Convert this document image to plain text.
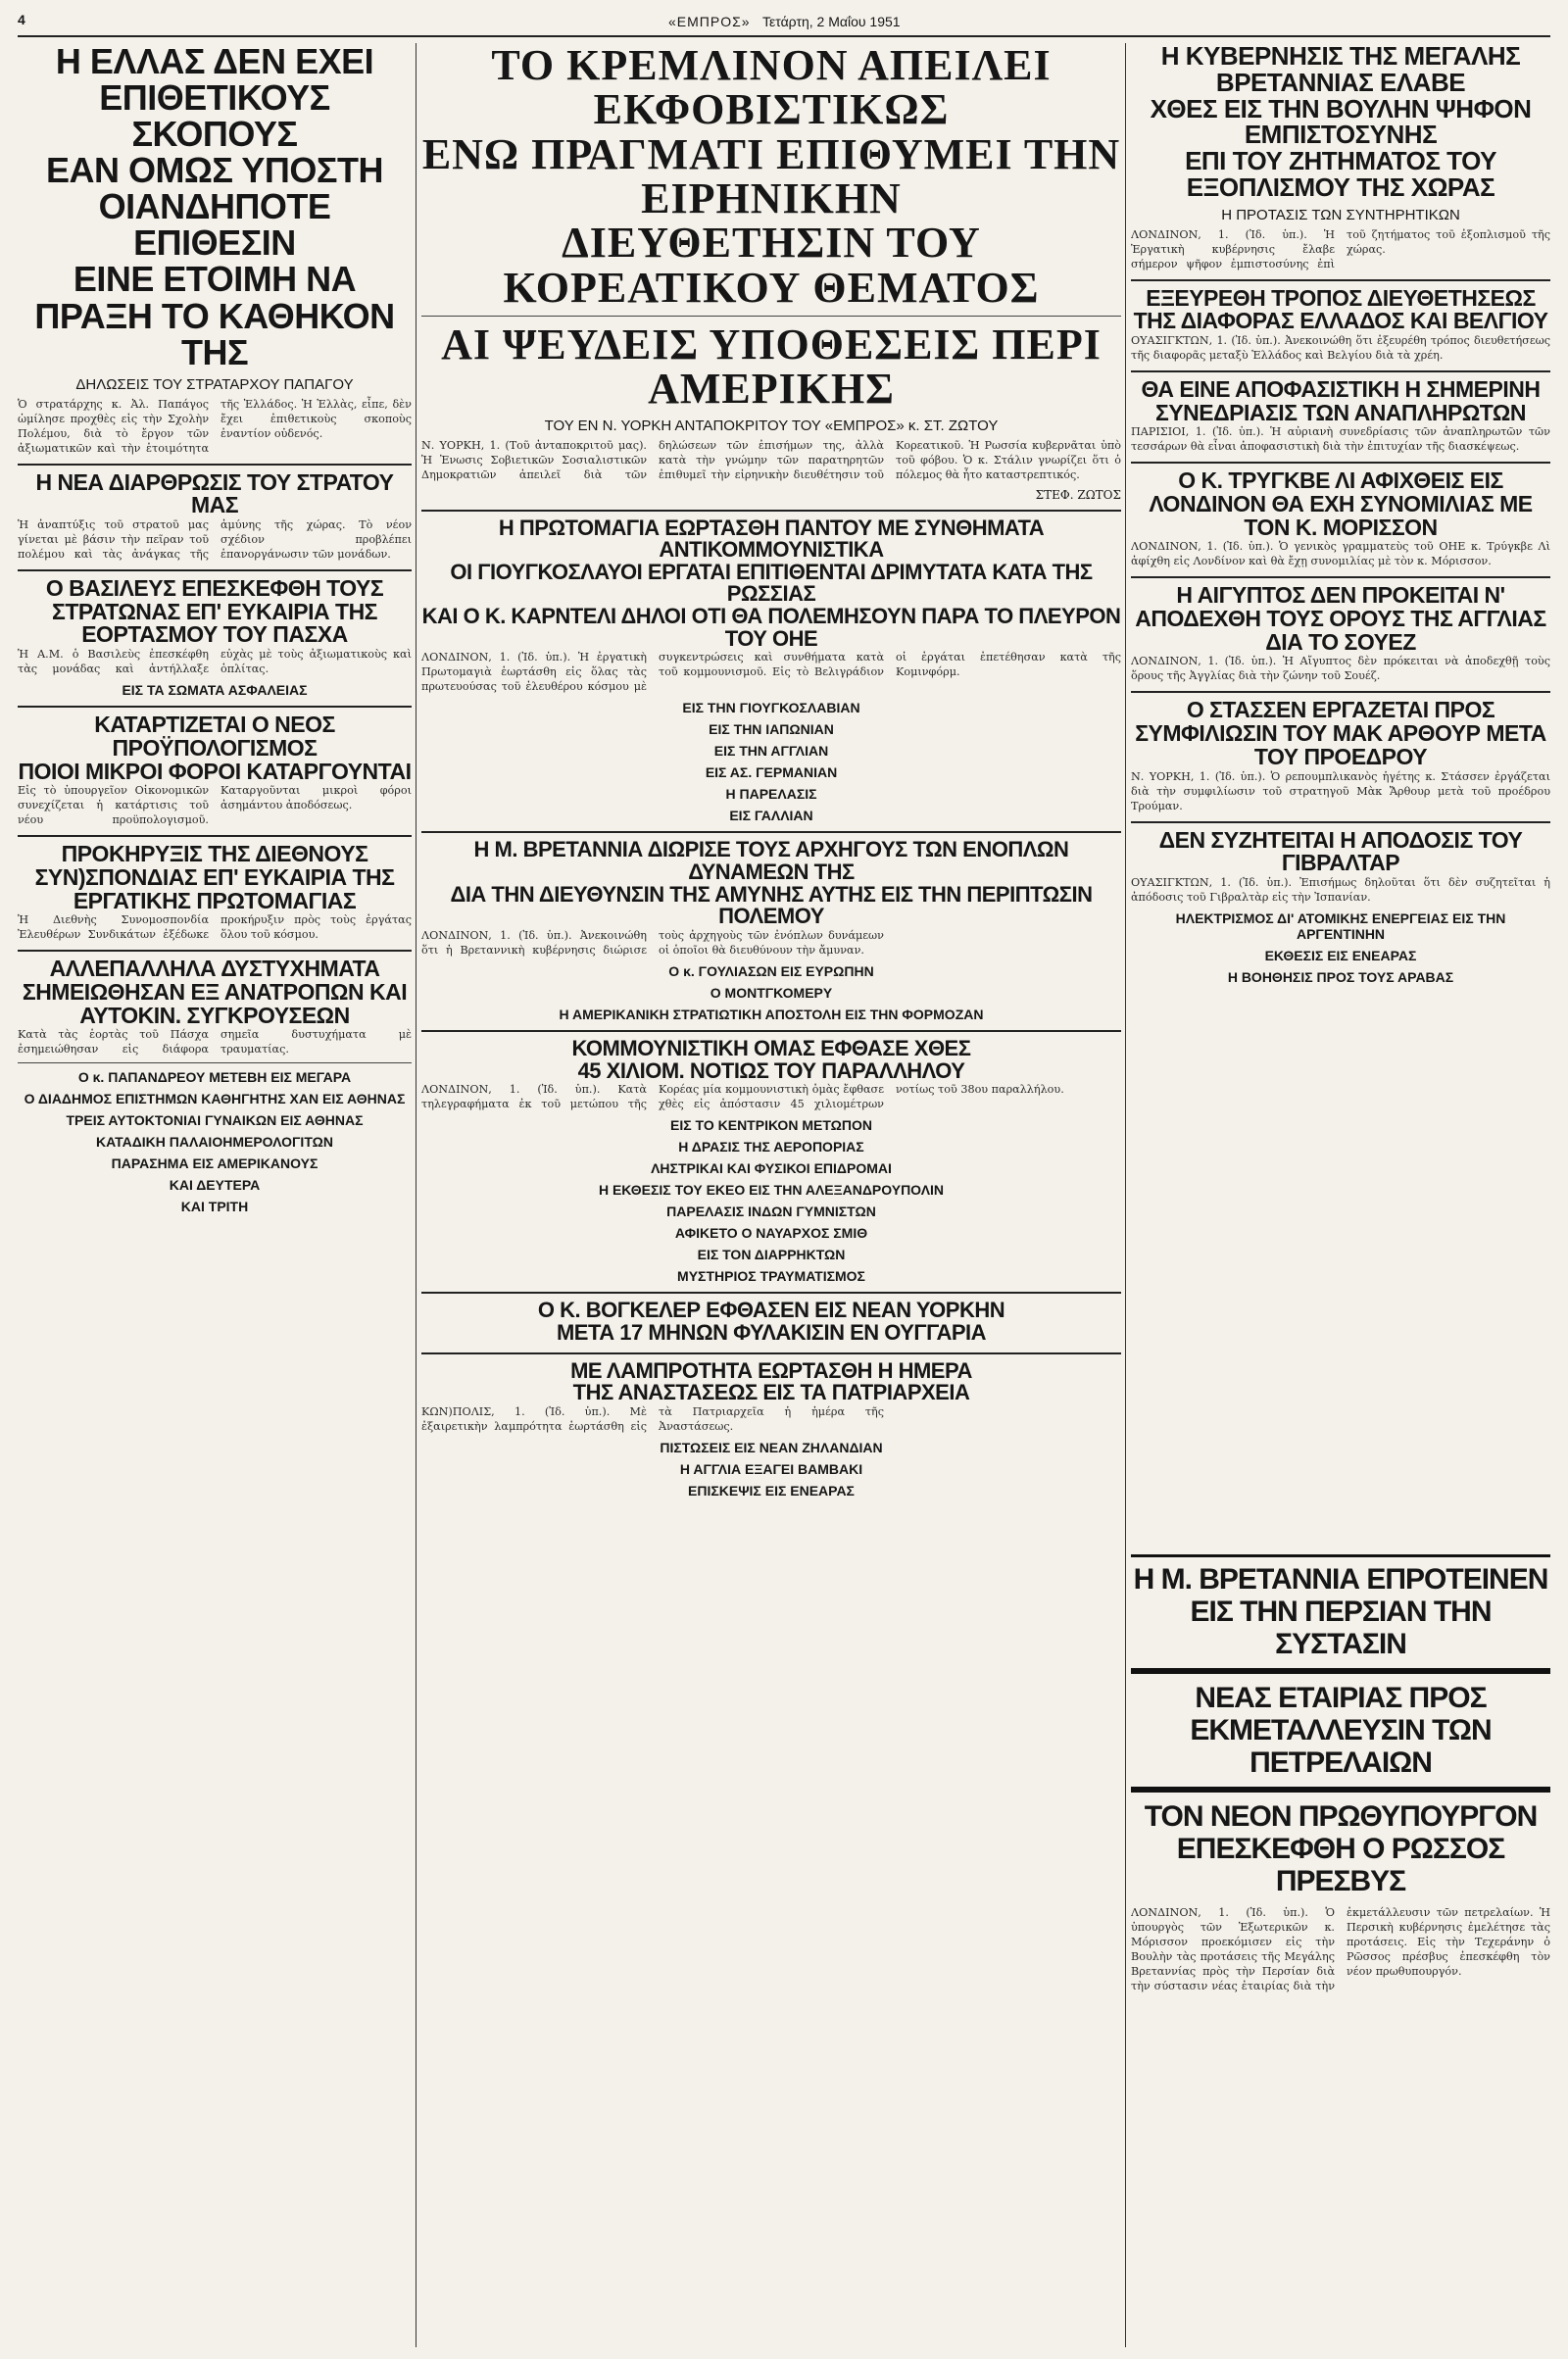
4	«ΕΜΠΡΟΣ» Τετάρτη, 2 Μαΐου 1951
Η ΕΛΛΑΣ ΔΕΝ ΕΧΕΙ ΕΠΙΘΕΤΙΚΟΥΣ ΣΚΟΠΟΥΣ
ΕΑΝ ΟΜΩΣ ΥΠΟΣΤΗ ΟΙΑΝΔΗΠΟΤΕ ΕΠΙΘΕΣΙΝ
ΕΙΝΕ ΕΤΟΙΜΗ ΝΑ ΠΡΑΞΗ ΤΟ ΚΑΘΗΚΟΝ ΤΗΣ
ΔΗΛΩΣΕΙΣ ΤΟΥ ΣΤΡΑΤΑΡΧΟΥ ΠΑΠΑΓΟΥ

Ὁ στρατάρχης κ. Ἀλ. Παπάγος ὡμίλησε προχθὲς εἰς τὴν Σχολὴν Πολέμου, διὰ τὸ ἔργον τῶν ἀξιωματικῶν καὶ τὴν ἑτοιμότητα τῆς Ἑλλάδος. Ἡ Ἑλλὰς, εἶπε, δὲν ἔχει ἐπιθετικοὺς σκοποὺς ἐναντίον οὐδενός.

Η ΝΕΑ ΔΙΑΡΘΡΩΣΙΣ ΤΟΥ ΣΤΡΑΤΟΥ ΜΑΣ

Ἡ ἀναπτύξις τοῦ στρατοῦ μας γίνεται μὲ βάσιν τὴν πεῖραν τοῦ πολέμου καὶ τὰς ἀνάγκας τῆς ἀμύνης τῆς χώρας. Τὸ νέον σχέδιον προβλέπει ἐπανοργάνωσιν τῶν μονάδων.

Ο ΒΑΣΙΛΕΥΣ ΕΠΕΣΚΕΦΘΗ ΤΟΥΣ ΣΤΡΑΤΩΝΑΣ ΕΠ' ΕΥΚΑΙΡΙΑ ΤΗΣ ΕΟΡΤΑΣΜΟΥ ΤΟΥ ΠΑΣΧΑ

Ἡ Α.Μ. ὁ Βασιλεὺς ἐπεσκέφθη τὰς μονάδας καὶ ἀντήλλαξε εὐχὰς μὲ τοὺς ἀξιωματικοὺς καὶ ὁπλίτας.

ΕΙΣ ΤΑ ΣΩΜΑΤΑ ΑΣΦΑΛΕΙΑΣ
ΚΑΤΑΡΤΙΖΕΤΑΙ Ο ΝΕΟΣ ΠΡΟΫΠΟΛΟΓΙΣΜΟΣ
ΠΟΙΟΙ ΜΙΚΡΟΙ ΦΟΡΟΙ ΚΑΤΑΡΓΟΥΝΤΑΙ

Εἰς τὸ ὑπουργεῖον Οἰκονομικῶν συνεχίζεται ἡ κατάρτισις τοῦ νέου προϋπολογισμοῦ. Καταργοῦνται μικροὶ φόροι ἀσημάντου ἀποδόσεως.

ΠΡΟΚΗΡΥΞΙΣ ΤΗΣ ΔΙΕΘΝΟΥΣ ΣΥΝ)ΣΠΟΝΔΙΑΣ ΕΠ' ΕΥΚΑΙΡΙΑ ΤΗΣ ΕΡΓΑΤΙΚΗΣ ΠΡΩΤΟΜΑΓΙΑΣ

Ἡ Διεθνὴς Συνομοσπονδία Ἐλευθέρων Συνδικάτων ἐξέδωκε προκήρυξιν πρὸς τοὺς ἐργάτας ὅλου τοῦ κόσμου.

ΑΛΛΕΠΑΛΛΗΛΑ ΔΥΣΤΥΧΗΜΑΤΑ ΣΗΜΕΙΩΘΗΣΑΝ ΕΞ ΑΝΑΤΡΟΠΩΝ ΚΑΙ ΑΥΤΟΚΙΝ. ΣΥΓΚΡΟΥΣΕΩΝ

Κατὰ τὰς ἑορτὰς τοῦ Πάσχα ἐσημειώθησαν εἰς διάφορα σημεῖα δυστυχήματα μὲ τραυματίας.

Ο κ. ΠΑΠΑΝΔΡΕΟΥ ΜΕΤΕΒΗ ΕΙΣ ΜΕΓΑΡΑ
Ο ΔΙΑΔΗΜΟΣ ΕΠΙΣΤΗΜΩΝ ΚΑΘΗΓΗΤΗΣ ΧΑΝ ΕΙΣ ΑΘΗΝΑΣ
ΤΡΕΙΣ ΑΥΤΟΚΤΟΝΙΑΙ ΓΥΝΑΙΚΩΝ ΕΙΣ ΑΘΗΝΑΣ
ΚΑΤΑΔΙΚΗ ΠΑΛΑΙΟΗΜΕΡΟΛΟΓΙΤΩΝ
ΠΑΡΑΣΗΜΑ ΕΙΣ ΑΜΕΡΙΚΑΝΟΥΣ
ΚΑΙ ΔΕΥΤΕΡΑ
ΚΑΙ ΤΡΙΤΗ
ΤΟ ΚΡΕΜΛΙΝΟΝ ΑΠΕΙΛΕΙ ΕΚΦΟΒΙΣΤΙΚΩΣ
ΕΝΩ ΠΡΑΓΜΑΤΙ ΕΠΙΘΥΜΕΙ ΤΗΝ ΕΙΡΗΝΙΚΗΝ
ΔΙΕΥΘΕΤΗΣΙΝ ΤΟΥ ΚΟΡΕΑΤΙΚΟΥ ΘΕΜΑΤΟΣ
ΑΙ ΨΕΥΔΕΙΣ ΥΠΟΘΕΣΕΙΣ ΠΕΡΙ ΑΜΕΡΙΚΗΣ
ΤΟΥ ΕΝ Ν. ΥΟΡΚΗ ΑΝΤΑΠΟΚΡΙΤΟΥ ΤΟΥ «ΕΜΠΡΟΣ» κ. ΣΤ. ΖΩΤΟΥ

Ν. ΥΟΡΚΗ, 1. (Τοῦ ἀνταποκριτοῦ μας). Ἡ Ἐνωσις Σοβιετικῶν Σοσιαλιστικῶν Δημοκρατιῶν ἀπειλεῖ διὰ τῶν δηλώσεων τῶν ἐπισήμων της, ἀλλὰ κατὰ τὴν γνώμην τῶν παρατηρητῶν ἐπιθυμεῖ τὴν εἰρηνικὴν διευθέτησιν τοῦ Κορεατικοῦ. Ἡ Ρωσσία κυβερνᾶται ὑπὸ τοῦ φόβου. Ὁ κ. Στάλιν γνωρίζει ὅτι ὁ πόλεμος θὰ ἦτο καταστρεπτικός.

ΣΤΕΦ. ΖΩΤΟΣ
Η ΠΡΩΤΟΜΑΓΙΑ ΕΩΡΤΑΣΘΗ ΠΑΝΤΟΥ ΜΕ ΣΥΝΘΗΜΑΤΑ ΑΝΤΙΚΟΜΜΟΥΝΙΣΤΙΚΑ
ΟΙ ΓΙΟΥΓΚΟΣΛΑΥΟΙ ΕΡΓΑΤΑΙ ΕΠΙΤΙΘΕΝΤΑΙ ΔΡΙΜΥΤΑΤΑ ΚΑΤΑ ΤΗΣ ΡΩΣΣΙΑΣ
ΚΑΙ Ο Κ. ΚΑΡΝΤΕΛΙ ΔΗΛΟΙ ΟΤΙ ΘΑ ΠΟΛΕΜΗΣΟΥΝ ΠΑΡΑ ΤΟ ΠΛΕΥΡΟΝ ΤΟΥ ΟΗΕ

ΛΟΝΔΙΝΟΝ, 1. (Ἰδ. ὑπ.). Ἡ ἐργατικὴ Πρωτομαγιὰ ἑωρτάσθη εἰς ὅλας τὰς πρωτευούσας τοῦ ἐλευθέρου κόσμου μὲ συγκεντρώσεις καὶ συνθήματα κατὰ τοῦ κομμουνισμοῦ. Εἰς τὸ Βελιγράδιον οἱ ἐργάται ἐπετέθησαν κατὰ τῆς Κομινφόρμ.

ΕΙΣ ΤΗΝ ΓΙΟΥΓΚΟΣΛΑΒΙΑΝ
ΕΙΣ ΤΗΝ ΙΑΠΩΝΙΑΝ
ΕΙΣ ΤΗΝ ΑΓΓΛΙΑΝ
ΕΙΣ ΑΣ. ΓΕΡΜΑΝΙΑΝ
Η ΠΑΡΕΛΑΣΙΣ
ΕΙΣ ΓΑΛΛΙΑΝ
Η Μ. ΒΡΕΤΑΝΝΙΑ ΔΙΩΡΙΣΕ ΤΟΥΣ ΑΡΧΗΓΟΥΣ ΤΩΝ ΕΝΟΠΛΩΝ ΔΥΝΑΜΕΩΝ ΤΗΣ
ΔΙΑ ΤΗΝ ΔΙΕΥΘΥΝΣΙΝ ΤΗΣ ΑΜΥΝΗΣ ΑΥΤΗΣ ΕΙΣ ΤΗΝ ΠΕΡΙΠΤΩΣΙΝ ΠΟΛΕΜΟΥ

ΛΟΝΔΙΝΟΝ, 1. (Ἰδ. ὑπ.). Ἀνεκοινώθη ὅτι ἡ Βρεταννικὴ κυβέρνησις διώρισε τοὺς ἀρχηγοὺς τῶν ἐνόπλων δυνάμεων οἱ ὁποῖοι θὰ διευθύνουν τὴν ἄμυναν.

Ο κ. ΓΟΥΛΙΑΣΩΝ ΕΙΣ ΕΥΡΩΠΗΝ
Ο ΜΟΝΤΓΚΟΜΕΡΥ
Η ΑΜΕΡΙΚΑΝΙΚΗ ΣΤΡΑΤΙΩΤΙΚΗ ΑΠΟΣΤΟΛΗ ΕΙΣ ΤΗΝ ΦΟΡΜΟΖΑΝ
ΚΟΜΜΟΥΝΙΣΤΙΚΗ ΟΜΑΣ ΕΦΘΑΣΕ ΧΘΕΣ
45 ΧΙΛΙΟΜ. ΝΟΤΙΩΣ ΤΟΥ ΠΑΡΑΛΛΗΛΟΥ

ΛΟΝΔΙΝΟΝ, 1. (Ἰδ. ὑπ.). Κατὰ τηλεγραφήματα ἐκ τοῦ μετώπου τῆς Κορέας μία κομμουνιστικὴ ὁμὰς ἔφθασε χθὲς εἰς ἀπόστασιν 45 χιλιομέτρων νοτίως τοῦ 38ου παραλλήλου.

ΕΙΣ ΤΟ ΚΕΝΤΡΙΚΟΝ ΜΕΤΩΠΟΝ
Η ΔΡΑΣΙΣ ΤΗΣ ΑΕΡΟΠΟΡΙΑΣ
ΛΗΣΤΡΙΚΑΙ ΚΑΙ ΦΥΣΙΚΟΙ ΕΠΙΔΡΟΜΑΙ
Η ΕΚΘΕΣΙΣ ΤΟΥ ΕΚΕΟ ΕΙΣ ΤΗΝ ΑΛΕΞΑΝΔΡΟΥΠΟΛΙΝ
ΠΑΡΕΛΑΣΙΣ ΙΝΔΩΝ ΓΥΜΝΙΣΤΩΝ
ΑΦΙΚΕΤΟ Ο ΝΑΥΑΡΧΟΣ ΣΜΙΘ
ΕΙΣ ΤΟΝ ΔΙΑΡΡΗΚΤΩΝ
ΜΥΣΤΗΡΙΟΣ ΤΡΑΥΜΑΤΙΣΜΟΣ
Ο Κ. ΒΟΓΚΕΛΕΡ ΕΦΘΑΣΕΝ ΕΙΣ ΝΕΑΝ ΥΟΡΚΗΝ
ΜΕΤΑ 17 ΜΗΝΩΝ ΦΥΛΑΚΙΣΙΝ ΕΝ ΟΥΓΓΑΡΙΑ
ΜΕ ΛΑΜΠΡΟΤΗΤΑ ΕΩΡΤΑΣΘΗ Η ΗΜΕΡΑ
ΤΗΣ ΑΝΑΣΤΑΣΕΩΣ ΕΙΣ ΤΑ ΠΑΤΡΙΑΡΧΕΙΑ

ΚΩΝ)ΠΟΛΙΣ, 1. (Ἰδ. ὑπ.). Μὲ ἐξαιρετικὴν λαμπρότητα ἑωρτάσθη εἰς τὰ Πατριαρχεῖα ἡ ἡμέρα τῆς Ἀναστάσεως.

ΠΙΣΤΩΣΕΙΣ ΕΙΣ ΝΕΑΝ ΖΗΛΑΝΔΙΑΝ
Η ΑΓΓΛΙΑ ΕΞΑΓΕΙ ΒΑΜΒΑΚΙ
ΕΠΙΣΚΕΨΙΣ ΕΙΣ ΕΝΕΑΡΑΣ
Η ΚΥΒΕΡΝΗΣΙΣ ΤΗΣ ΜΕΓΑΛΗΣ ΒΡΕΤΑΝΝΙΑΣ ΕΛΑΒΕ
ΧΘΕΣ ΕΙΣ ΤΗΝ ΒΟΥΛΗΝ ΨΗΦΟΝ ΕΜΠΙΣΤΟΣΥΝΗΣ
ΕΠΙ ΤΟΥ ΖΗΤΗΜΑΤΟΣ ΤΟΥ ΕΞΟΠΛΙΣΜΟΥ ΤΗΣ ΧΩΡΑΣ
Η ΠΡΟΤΑΣΙΣ ΤΩΝ ΣΥΝΤΗΡΗΤΙΚΩΝ

ΛΟΝΔΙΝΟΝ, 1. (Ἰδ. ὑπ.). Ἡ Ἐργατικὴ κυβέρνησις ἔλαβε σήμερον ψῆφον ἐμπιστοσύνης ἐπὶ τοῦ ζητήματος τοῦ ἐξοπλισμοῦ τῆς χώρας.

ΕΞΕΥΡΕΘΗ ΤΡΟΠΟΣ ΔΙΕΥΘΕΤΗΣΕΩΣ ΤΗΣ ΔΙΑΦΟΡΑΣ ΕΛΛΑΔΟΣ ΚΑΙ ΒΕΛΓΙΟΥ

ΟΥΑΣΙΓΚΤΩΝ, 1. (Ἰδ. ὑπ.). Ἀνεκοινώθη ὅτι ἐξευρέθη τρόπος διευθετήσεως τῆς διαφορᾶς μεταξὺ Ἑλλάδος καὶ Βελγίου διὰ τὰ χρέη.

ΘΑ ΕΙΝΕ ΑΠΟΦΑΣΙΣΤΙΚΗ Η ΣΗΜΕΡΙΝΗ ΣΥΝΕΔΡΙΑΣΙΣ ΤΩΝ ΑΝΑΠΛΗΡΩΤΩΝ

ΠΑΡΙΣΙΟΙ, 1. (Ἰδ. ὑπ.). Ἡ αὐριανὴ συνεδρίασις τῶν ἀναπληρωτῶν τῶν τεσσάρων θὰ εἶναι ἀποφασιστικὴ διὰ τὴν ἐπιτυχίαν τῆς διασκέψεως.

Ο Κ. ΤΡΥΓΚΒΕ ΛΙ ΑΦΙΧΘΕΙΣ ΕΙΣ ΛΟΝΔΙΝΟΝ ΘΑ ΕΧΗ ΣΥΝΟΜΙΛΙΑΣ ΜΕ ΤΟΝ Κ. ΜΟΡΙΣΣΟΝ

ΛΟΝΔΙΝΟΝ, 1. (Ἰδ. ὑπ.). Ὁ γενικὸς γραμματεὺς τοῦ ΟΗΕ κ. Τρύγκβε Λὶ ἀφίχθη εἰς Λονδίνον καὶ θὰ ἔχῃ συνομιλίας μὲ τὸν κ. Μόρισσον.

Η ΑΙΓΥΠΤΟΣ ΔΕΝ ΠΡΟΚΕΙΤΑΙ Ν' ΑΠΟΔΕΧΘΗ ΤΟΥΣ ΟΡΟΥΣ ΤΗΣ ΑΓΓΛΙΑΣ ΔΙΑ ΤΟ ΣΟΥΕΖ

ΛΟΝΔΙΝΟΝ, 1. (Ἰδ. ὑπ.). Ἡ Αἴγυπτος δὲν πρόκειται νὰ ἀποδεχθῇ τοὺς ὅρους τῆς Ἀγγλίας διὰ τὴν ζώνην τοῦ Σουέζ.

Ο ΣΤΑΣΣΕΝ ΕΡΓΑΖΕΤΑΙ ΠΡΟΣ ΣΥΜΦΙΛΙΩΣΙΝ ΤΟΥ ΜΑΚ ΑΡΘΟΥΡ ΜΕΤΑ ΤΟΥ ΠΡΟΕΔΡΟΥ

Ν. ΥΟΡΚΗ, 1. (Ἰδ. ὑπ.). Ὁ ρεπουμπλικανὸς ἡγέτης κ. Στάσσεν ἐργάζεται διὰ τὴν συμφιλίωσιν τοῦ στρατηγοῦ Μὰκ Ἄρθουρ μετὰ τοῦ προέδρου Τρούμαν.

ΔΕΝ ΣΥΖΗΤΕΙΤΑΙ Η ΑΠΟΔΟΣΙΣ ΤΟΥ ΓΙΒΡΑΛΤΑΡ

ΟΥΑΣΙΓΚΤΩΝ, 1. (Ἰδ. ὑπ.). Ἐπισήμως δηλοῦται ὅτι δὲν συζητεῖται ἡ ἀπόδοσις τοῦ Γιβραλτὰρ εἰς τὴν Ἰσπανίαν.

ΗΛΕΚΤΡΙΣΜΟΣ ΔΙ' ΑΤΟΜΙΚΗΣ ΕΝΕΡΓΕΙΑΣ ΕΙΣ ΤΗΝ ΑΡΓΕΝΤΙΝΗΝ
ΕΚΘΕΣΙΣ ΕΙΣ ΕΝΕΑΡΑΣ
Η ΒΟΗΘΗΣΙΣ ΠΡΟΣ ΤΟΥΣ ΑΡΑΒΑΣ
Η Μ. ΒΡΕΤΑΝΝΙΑ ΕΠΡΟΤΕΙΝΕΝ ΕΙΣ ΤΗΝ ΠΕΡΣΙΑΝ ΤΗΝ ΣΥΣΤΑΣΙΝ
ΝΕΑΣ ΕΤΑΙΡΙΑΣ ΠΡΟΣ ΕΚΜΕΤΑΛΛΕΥΣΙΝ ΤΩΝ ΠΕΤΡΕΛΑΙΩΝ
ΤΟΝ ΝΕΟΝ ΠΡΩΘΥΠΟΥΡΓΟΝ ΕΠΕΣΚΕΦΘΗ Ο ΡΩΣΣΟΣ ΠΡΕΣΒΥΣ

ΛΟΝΔΙΝΟΝ, 1. (Ἰδ. ὑπ.). Ὁ ὑπουργὸς τῶν Ἐξωτερικῶν κ. Μόρισσον προεκόμισεν εἰς τὴν Βουλὴν τὰς προτάσεις τῆς Μεγάλης Βρεταννίας πρὸς τὴν Περσίαν διὰ τὴν σύστασιν νέας ἐταιρίας διὰ τὴν ἐκμετάλλευσιν τῶν πετρελαίων. Ἡ Περσικὴ κυβέρνησις ἐμελέτησε τὰς προτάσεις. Εἰς τὴν Τεχεράνην ὁ Ρῶσσος πρέσβυς ἐπεσκέφθη τὸν νέον πρωθυπουργόν.
